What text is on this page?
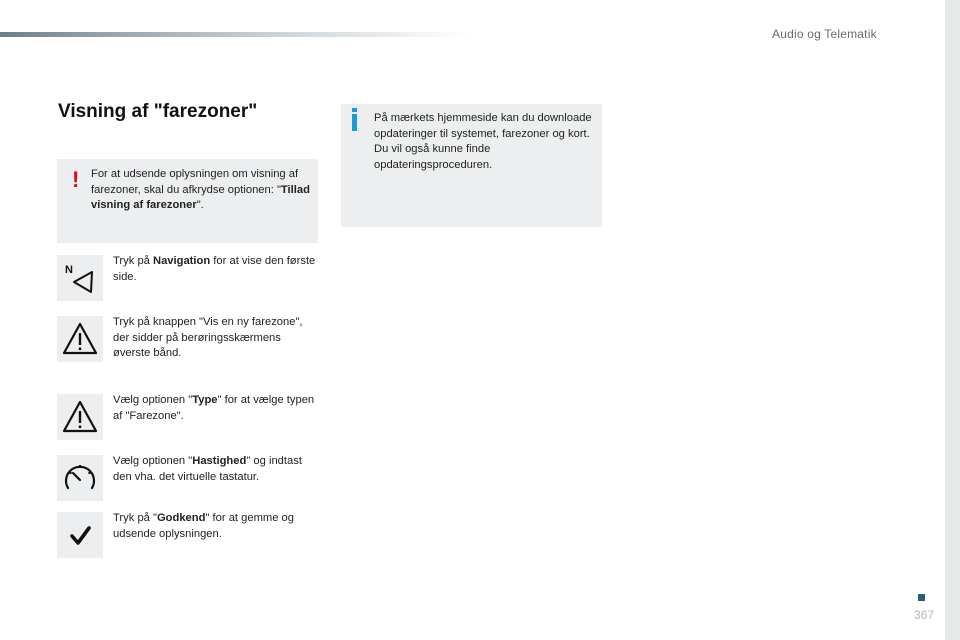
Audio og Telematik
Visning af "farezoner"
! For at udsende oplysningen om visning af farezoner, skal du afkrydse optionen: "Tillad visning af farezoner".
På mærkets hjemmeside kan du downloade opdateringer til systemet, farezoner og kort.
Du vil også kunne finde opdateringsproceduren.
N
Tryk på Navigation for at vise den første side.
Tryk på knappen "Vis en ny farezone", der sidder på berøringsskærmens øverste bånd.
Vælg optionen "Type" for at vælge typen af "Farezone".
Vælg optionen "Hastighed" og indtast den vha. det virtuelle tastatur.
Tryk på "Godkend" for at gemme og udsende oplysningen.
367
